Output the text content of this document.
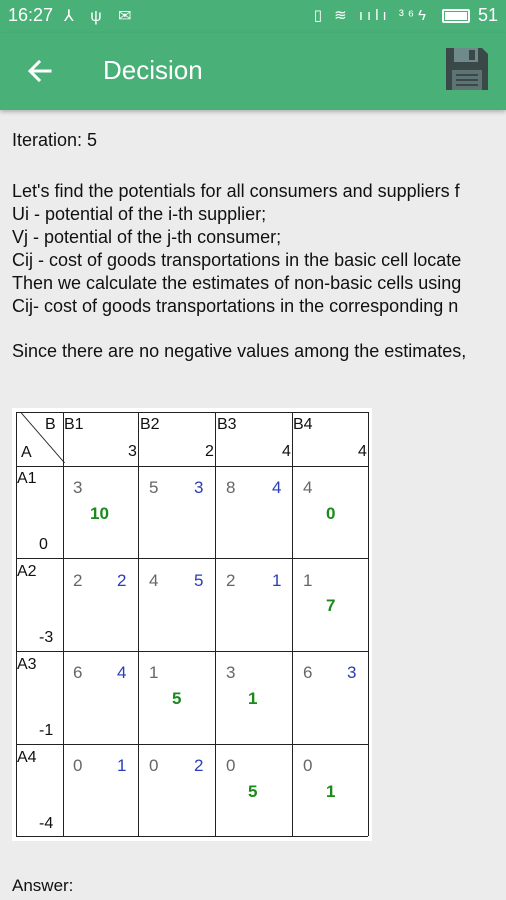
16:27 ⅄ ψ ✉	▯ ≋ ıılı ³⁶ϟ	51
Decision
Iteration: 5
Let's find the potentials for all consumers and suppliers f
Ui - potential of the i-th supplier;
Vj - potential of the j-th consumer;
Cij - cost of goods transportations in the basic cell locate
Then we calculate the estimates of non-basic cells using
Cij- cost of goods transportations in the corresponding n
Since there are no negative values among the estimates,
B
A
B1
3
B2
2
B3
4
B4
4
A1
0
A2
-3
A3
-1
A4
-4
3
10
5 3 8 4 4
0
2 2 4 5 2 1 1
7
6 4 1
5
3
1
6 3
0 1 0 2 0
5
0
1
Answer:
